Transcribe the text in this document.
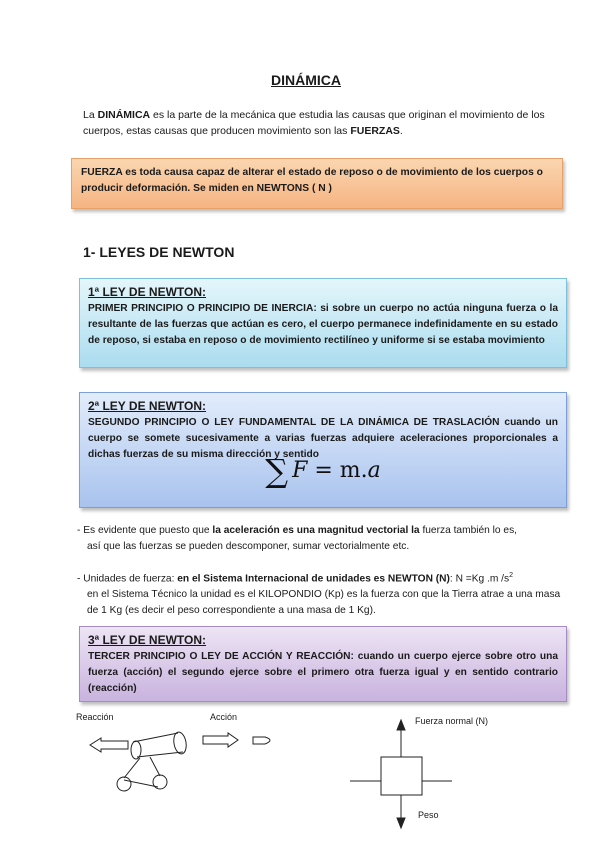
DINÁMICA
La DINÁMICA es la parte de la mecánica que estudia las causas que originan el movimiento de los cuerpos, estas causas que producen movimiento son las FUERZAS.
FUERZA es toda causa capaz de alterar el estado de reposo o de movimiento de los cuerpos o producir deformación. Se miden en NEWTONS ( N )
1- LEYES DE NEWTON
1ª LEY DE NEWTON:
PRIMER PRINCIPIO O PRINCIPIO DE INERCIA: si sobre un cuerpo no actúa ninguna fuerza o la resultante de las fuerzas que actúan es cero, el cuerpo permanece indefinidamente en su estado de reposo, si estaba en reposo o de movimiento rectilíneo y uniforme si se estaba movimiento
2ª LEY DE NEWTON:
SEGUNDO PRINCIPIO O LEY FUNDAMENTAL DE LA DINÁMICA DE TRASLACIÓN cuando un cuerpo se somete sucesivamente a varias fuerzas adquiere aceleraciones proporcionales a dichas fuerzas de su misma dirección y sentido
∑ F = m.a
- Es evidente que puesto que la aceleración es una magnitud vectorial la fuerza también lo es,
así que las fuerzas se pueden descomponer, sumar vectorialmente etc.
- Unidades de fuerza: en el Sistema Internacional de unidades es NEWTON (N): N =Kg .m $/s^2$
en el Sistema Técnico la unidad es el KILOPONDIO (Kp) es la fuerza con que la Tierra atrae a una masa de 1 Kg (es decir el peso correspondiente a una masa de 1 Kg).
3ª LEY DE NEWTON:
TERCER PRINCIPIO O LEY DE ACCIÓN Y REACCIÓN: cuando un cuerpo ejerce sobre otro una fuerza (acción) el segundo ejerce sobre el primero otra fuerza igual y en sentido contrario (reacción)
Reacción	Acción	Fuerza normal (N)
Peso
